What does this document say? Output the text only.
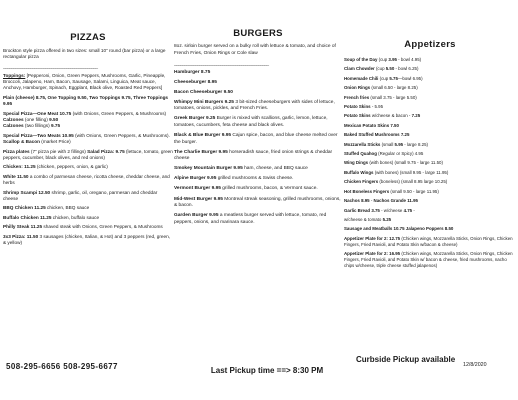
PIZZAS

Brockton style pizza offered in two sizes: small 10” round (bar pizza) or a large rectangular pizza

_____________________________________________

Toppings: [Pepperoni, Onion, Green Peppers, Mushrooms, Garlic, Pineapple, Broccoli, Jalapeno, Ham, Bacon, Sausage, Salami, Linguica, Meat sauce, Anchovy, Hamburger, Spinach, Eggplant, Black olive, Roasted Red Peppers]

Plain (cheese) 8.75, One Topping 9.50, Two Toppings 9.75, Three Toppings 9.95

Special Pizza—One Meat 10.75 (with Onions, Green Peppers, & Mushrooms) Calzones (one filling) 9.50
Calzones (two fillings) 9.75

Special Pizza—Two Meats 10.95 (with Onions, Green Peppers, & Mushrooms). Scallop & Bacon (market Price)

Pizza plates (7” pizza pie with 2 fillings) Salad Pizza: 9.75 (lettuce, tomato, green peppers, cucumber, black olives, and red onions)

Chicken: 11.25 (chicken, peppers, onion, & garlic)

White 11.50 a combo of parmesan cheese, ricotta cheese, cheddar cheese, and herbs

Shrimp Scampi 12.50 shrimp, garlic, oil, oregano, parmesan and cheddar cheese

BBQ Chicken 11.25 chicken, BBQ sauce

Buffalo Chicken 11.25 chicken, buffalo sauce

Philly Steak 11.25 shaved steak with Onions, Green Peppers, & Mushrooms

3x3 Pizza: 11.50 3 sausages (chicken, Italian, & Hot) and 3 peppers (red, green, & yellow)

BURGERS

8oz. sirloin burger served on a bulky roll with lettuce & tomato, and choice of French Fries, Onion Rings or Cole slaw

_____________________________________________

Hamburger 8.75

Cheeseburger 8.95

Bacon Cheeseburger 9.50

Whimpy Mini Burgers 9.25 3 bit-sized cheeseburgers with sides of lettuce, tomatoes, onions, pickles, and French Fries.

Greek Burger 9.25 Burger is mixed with scallions, garlic, lemon, lettuce, tomatoes, cucumbers, feta cheese and black olives.

Black & Blue Burger 9.95 Cajun spice, bacon, and blue cheese melted over the burger.

The Charlie Burger 9.95 horseradish sauce, fried onion strings & cheddar cheese

Smokey Mountain Burger 9.95 ham, cheese, and BBQ sauce

Alpine Burger 9.95 grilled mushrooms & Swiss cheese.

Vermont Burger 9.95 grilled mushrooms, bacon, & Vermont sauce.

Mid-West Burger 9.95 Montreal streak seasoning, grilled mushrooms, onions, & bacon.

Garden Burger 9.95 a meatless burger served with lettuce, tomato, red peppers, onions, and marinara sauce.

Appetizers

Soup of the Day (cup 3.95 - bowl 4.95)

Clam Chowder (cup 5.50 - bowl 6.25)

Homemade Chili (cup 5.75—bowl 6.95)

Onion Rings (small 6.50 - large 8.25)

French fries (small 3.75 - large 5.50)

Potato Skins - 5.95

Potato Skins w/cheese & bacon - 7.25

Mexican Potato Skins 7.50

Baked Stuffed Mushrooms 7.25

Mozzarella Sticks (small 5.95 - large 8.25)

Stuffed Quahog (Regular or Spicy) 4.95

Wing Dings (with bones) (small 9.75 - large 11.50)

Buffalo Wings (with bones) (small 9.95 - large 11.95)

Chicken Fingers (boneless) (small 8.95 large 10.25)

Hot Boneless Fingers (small 9.50 - large 11.95)

Nachos 8.95 - Nachos Grande 11.95

Garlic Bread 3.75 - w/cheese 4.75 -

w/cheese & tomato 5.25

Sausage and Meatballs 10.75 Jalapeno Poppers 8.50

Appetizer Plate for 2: 12.75 (Chicken wings, Mozzarella Sticks, Onion Rings, Chicken Fingers, Fried Ravioli, and Potato Skin w/bacon & cheese)

Appetizer Plate for 2: 16.95 (Chicken wings, Mozzarella Sticks, Onion Rings, Chicken Fingers, Fried Ravioli, and Potato Skin w/ bacon & cheese, fried mushrooms, nacho chips w/cheese, triple cheese stuffed jalapenos)

508-295-6656 508-295-6677	Last Pickup time ==> 8:30 PM
Curbside Pickup available
12/8/2020
